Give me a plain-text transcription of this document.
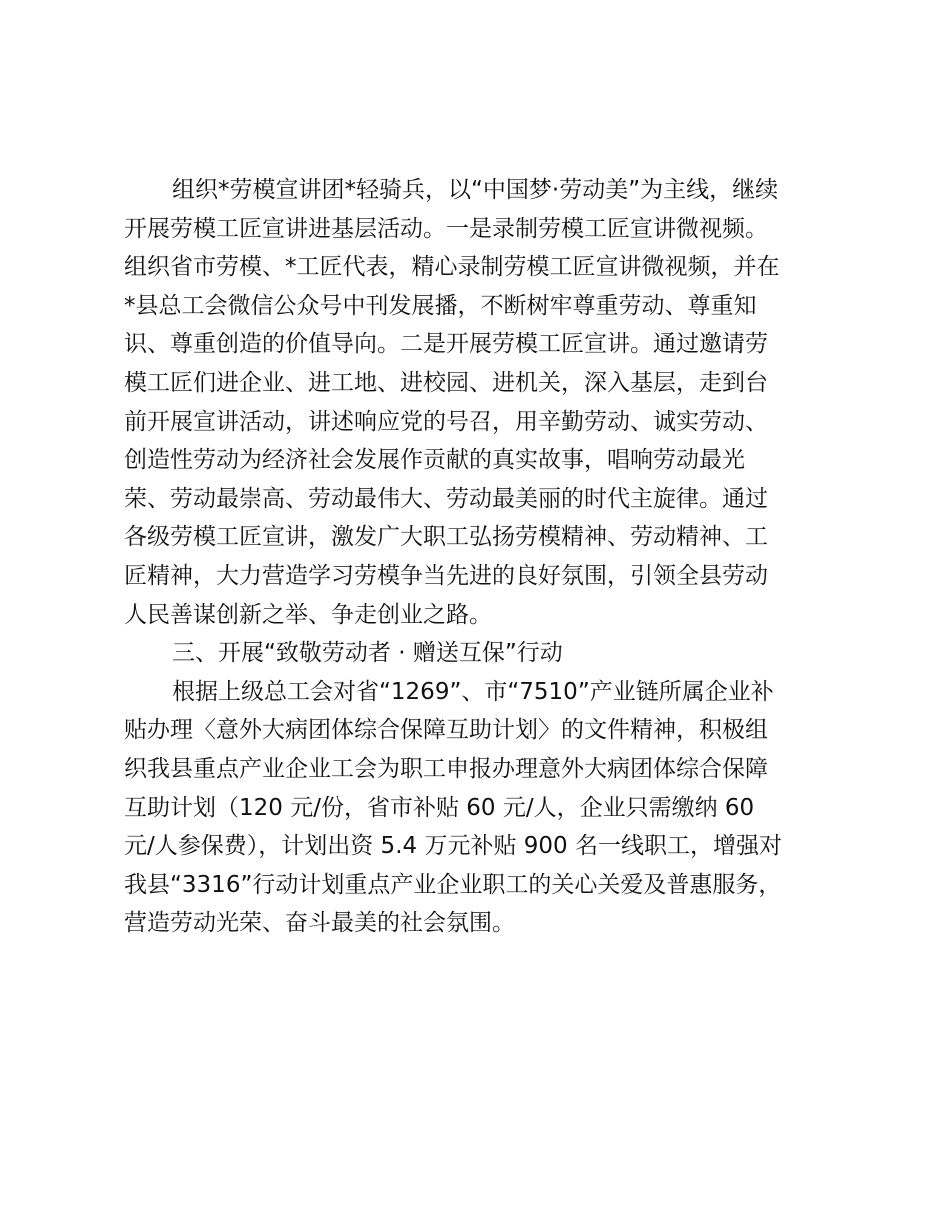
组织*劳模宣讲团*轻骑兵，以“中国梦·劳动美”为主线，继续
开展劳模工匠宣讲进基层活动。一是录制劳模工匠宣讲微视频。
组织省市劳模、*工匠代表，精心录制劳模工匠宣讲微视频，并在
*县总工会微信公众号中刊发展播，不断树牢尊重劳动、尊重知
识、尊重创造的价值导向。二是开展劳模工匠宣讲。通过邀请劳
模工匠们进企业、进工地、进校园、进机关，深入基层，走到台
前开展宣讲活动，讲述响应党的号召，用辛勤劳动、诚实劳动、
创造性劳动为经济社会发展作贡献的真实故事，唱响劳动最光
荣、劳动最崇高、劳动最伟大、劳动最美丽的时代主旋律。通过
各级劳模工匠宣讲，激发广大职工弘扬劳模精神、劳动精神、工
匠精神，大力营造学习劳模争当先进的良好氛围，引领全县劳动
人民善谋创新之举、争走创业之路。

三、开展“致敬劳动者 · 赠送互保”行动

根据上级总工会对省“1269”、市“7510”产业链所属企业补
贴办理〈意外大病团体综合保障互助计划〉的文件精神，积极组
织我县重点产业企业工会为职工申报办理意外大病团体综合保障
互助计划（120 元/份，省市补贴 60 元/人，企业只需缴纳 60
元/人参保费），计划出资 5.4 万元补贴 900 名一线职工，增强对
我县“3316”行动计划重点产业企业职工的关心关爱及普惠服务，
营造劳动光荣、奋斗最美的社会氛围。
